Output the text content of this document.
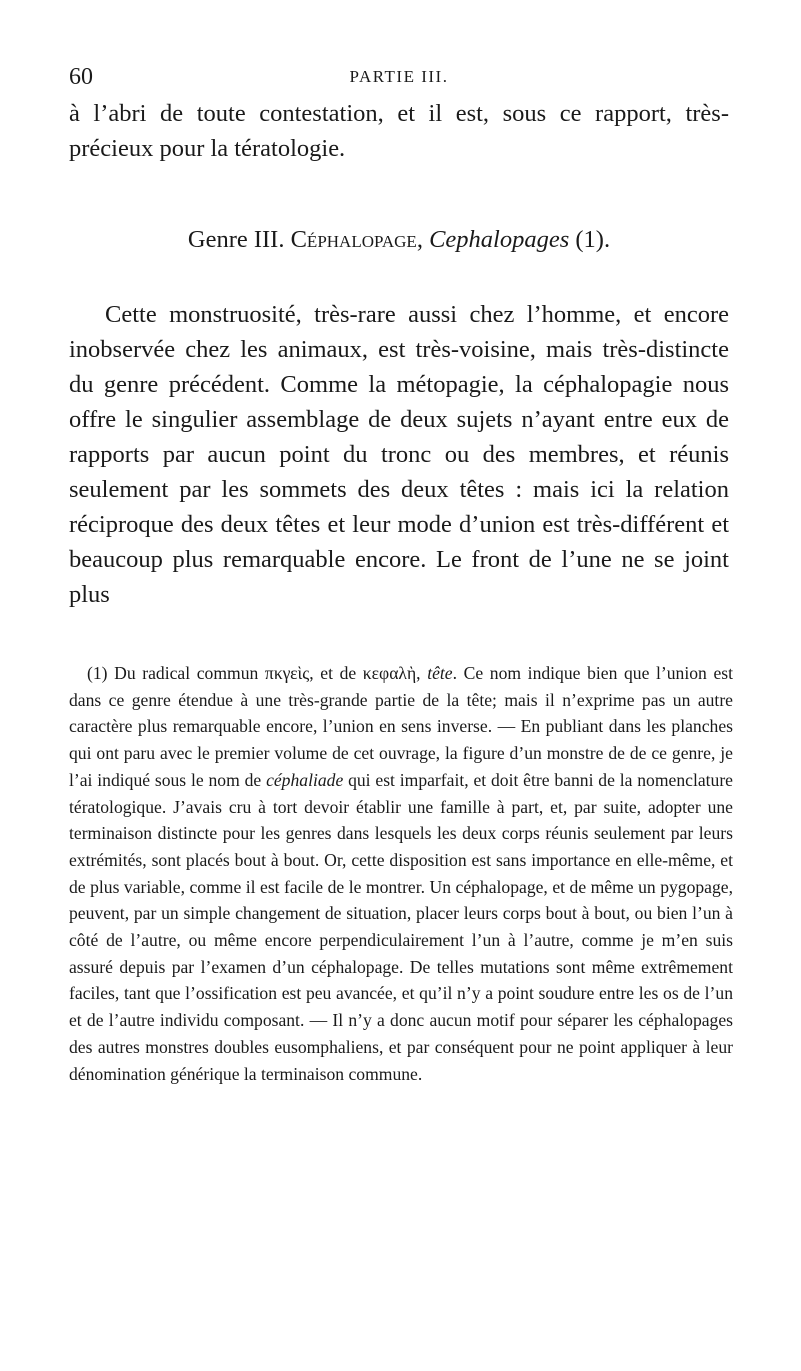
60	PARTIE III.

à l’abri de toute contestation, et il est, sous ce rapport, très-précieux pour la tératologie.

Genre III. Céphalopage, Cephalopages (1).

Cette monstruosité, très-rare aussi chez l’homme, et encore inobservée chez les animaux, est très-voisine, mais très-distincte du genre précédent. Comme la métopagie, la céphalopagie nous offre le singulier assemblage de deux sujets n’ayant entre eux de rapports par aucun point du tronc ou des membres, et réunis seulement par les sommets des deux têtes : mais ici la relation réciproque des deux têtes et leur mode d’union est très-différent et beaucoup plus remarquable encore. Le front de l’une ne se joint plus

(1) Du radical commun πκγεὶς, et de κεφαλὴ, tête. Ce nom indique bien que l’union est dans ce genre étendue à une très-grande partie de la tête; mais il n’exprime pas un autre caractère plus remarquable encore, l’union en sens inverse. — En publiant dans les planches qui ont paru avec le premier volume de cet ouvrage, la figure d’un monstre de de ce genre, je l’ai indiqué sous le nom de céphaliade qui est imparfait, et doit être banni de la nomenclature tératologique. J’avais cru à tort devoir établir une famille à part, et, par suite, adopter une terminaison distincte pour les genres dans lesquels les deux corps réunis seulement par leurs extrémités, sont placés bout à bout. Or, cette disposition est sans importance en elle-même, et de plus variable, comme il est facile de le montrer. Un céphalopage, et de même un pygopage, peuvent, par un simple changement de situation, placer leurs corps bout à bout, ou bien l’un à côté de l’autre, ou même encore perpendiculairement l’un à l’autre, comme je m’en suis assuré depuis par l’examen d’un céphalopage. De telles mutations sont même extrêmement faciles, tant que l’ossification est peu avancée, et qu’il n’y a point soudure entre les os de l’un et de l’autre individu composant. — Il n’y a donc aucun motif pour séparer les céphalopages des autres monstres doubles eusomphaliens, et par conséquent pour ne point appliquer à leur dénomination générique la terminaison commune.
